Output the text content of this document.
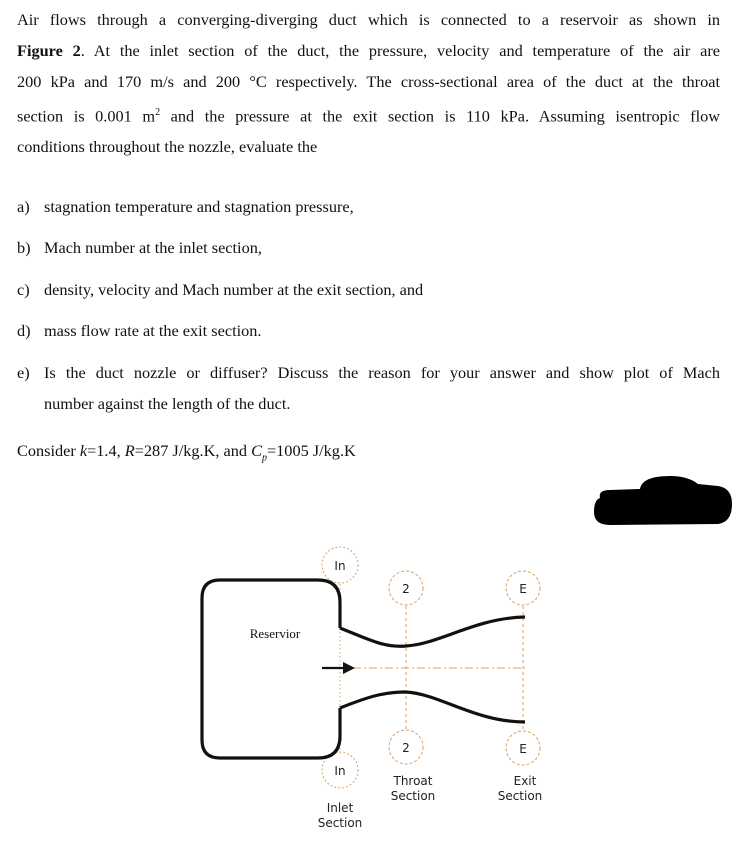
Air flows through a converging-diverging duct which is connected to a reservoir as shown in
Figure 2. At the inlet section of the duct, the pressure, velocity and temperature of the air are
200 kPa and 170 m/s and 200 °C respectively. The cross-sectional area of the duct at the throat
section is 0.001 $m^2$ and the pressure at the exit section is 110 kPa. Assuming isentropic flow
conditions throughout the nozzle, evaluate the
a) stagnation temperature and stagnation pressure,
b) Mach number at the inlet section,
c) density, velocity and Mach number at the exit section, and
d) mass flow rate at the exit section.
e) Is the duct nozzle or diffuser? Discuss the reason for your answer and show plot of Mach
number against the length of the duct.
Consider k=1.4, R=287 J/kg.K, and $C_p=1005$ J/kg.K
Reservior
In
In
2
2
E
E
Inlet
Section
Throat
Section
Exit
Section
